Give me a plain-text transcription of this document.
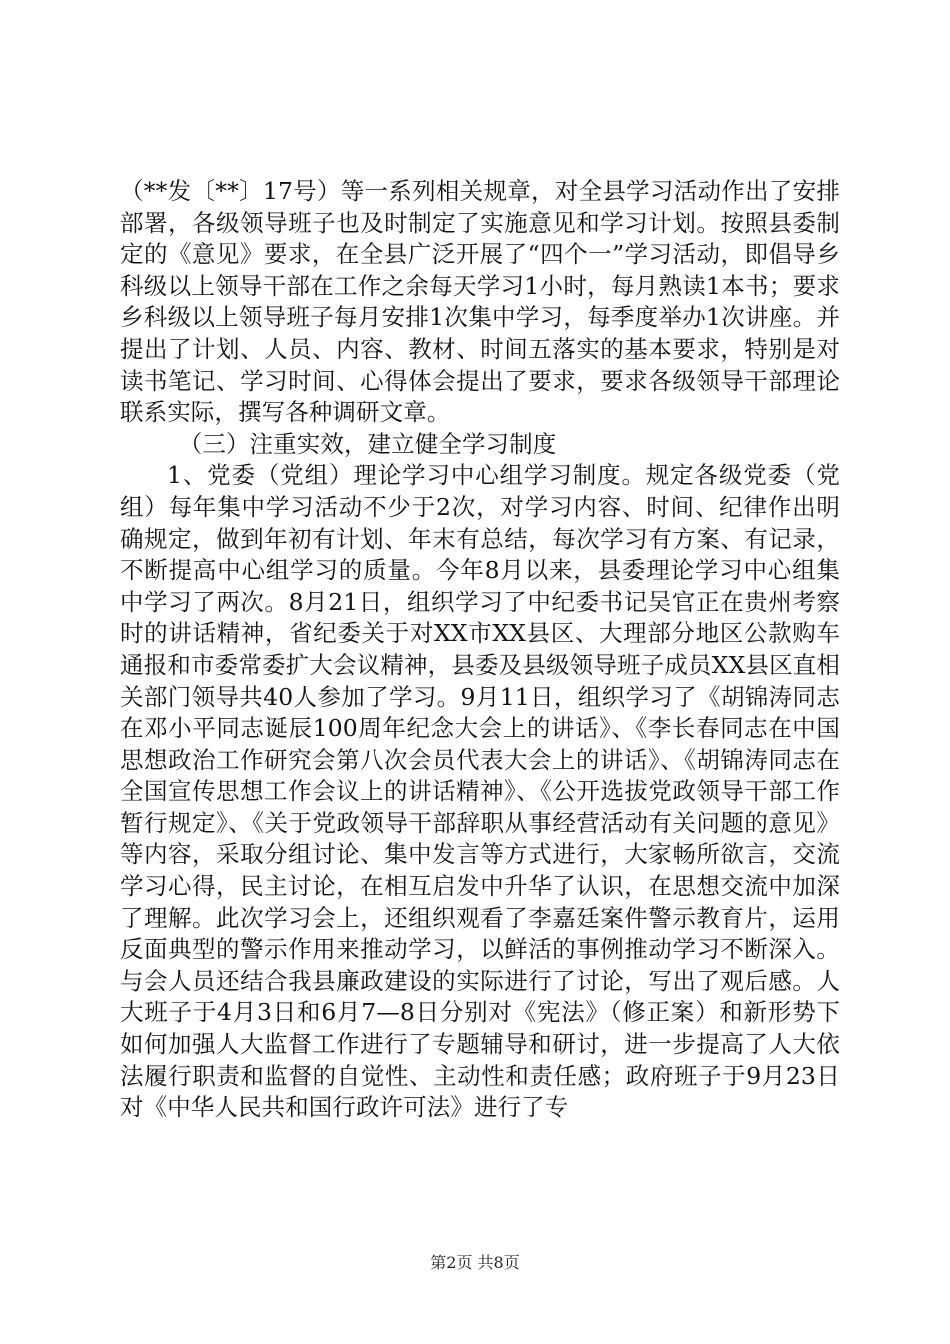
（**发〔**〕17号）等一系列相关规章，对全县学习活动作出了安排部署，各级领导班子也及时制定了实施意见和学习计划。按照县委制定的《意见》要求，在全县广泛开展了“四个一”学习活动，即倡导乡科级以上领导干部在工作之余每天学习1小时，每月熟读1本书；要求乡科级以上领导班子每月安排1次集中学习，每季度举办1次讲座。并提出了计划、人员、内容、教材、时间五落实的基本要求，特别是对读书笔记、学习时间、心得体会提出了要求，要求各级领导干部理论联系实际，撰写各种调研文章。

（三）注重实效，建立健全学习制度

1、党委（党组）理论学习中心组学习制度。规定各级党委（党组）每年集中学习活动不少于2次，对学习内容、时间、纪律作出明确规定，做到年初有计划、年末有总结，每次学习有方案、有记录，不断提高中心组学习的质量。今年8月以来，县委理论学习中心组集中学习了两次。8月21日，组织学习了中纪委书记吴官正在贵州考察时的讲话精神，省纪委关于对XX市XX县区、大理部分地区公款购车通报和市委常委扩大会议精神，县委及县级领导班子成员XX县区直相关部门领导共40人参加了学习。9月11日，组织学习了《胡锦涛同志在邓小平同志诞辰100周年纪念大会上的讲话》、《李长春同志在中国思想政治工作研究会第八次会员代表大会上的讲话》、《胡锦涛同志在全国宣传思想工作会议上的讲话精神》、《公开选拔党政领导干部工作暂行规定》、《关于党政领导干部辞职从事经营活动有关问题的意见》等内容，采取分组讨论、集中发言等方式进行，大家畅所欲言，交流学习心得，民主讨论，在相互启发中升华了认识，在思想交流中加深了理解。此次学习会上，还组织观看了李嘉廷案件警示教育片，运用反面典型的警示作用来推动学习，以鲜活的事例推动学习不断深入。与会人员还结合我县廉政建设的实际进行了讨论，写出了观后感。人大班子于4月3日和6月7—8日分别对《宪法》（修正案）和新形势下如何加强人大监督工作进行了专题辅导和研讨，进一步提高了人大依法履行职责和监督的自觉性、主动性和责任感；政府班子于9月23日对《中华人民共和国行政许可法》进行了专

第2页 共8页
